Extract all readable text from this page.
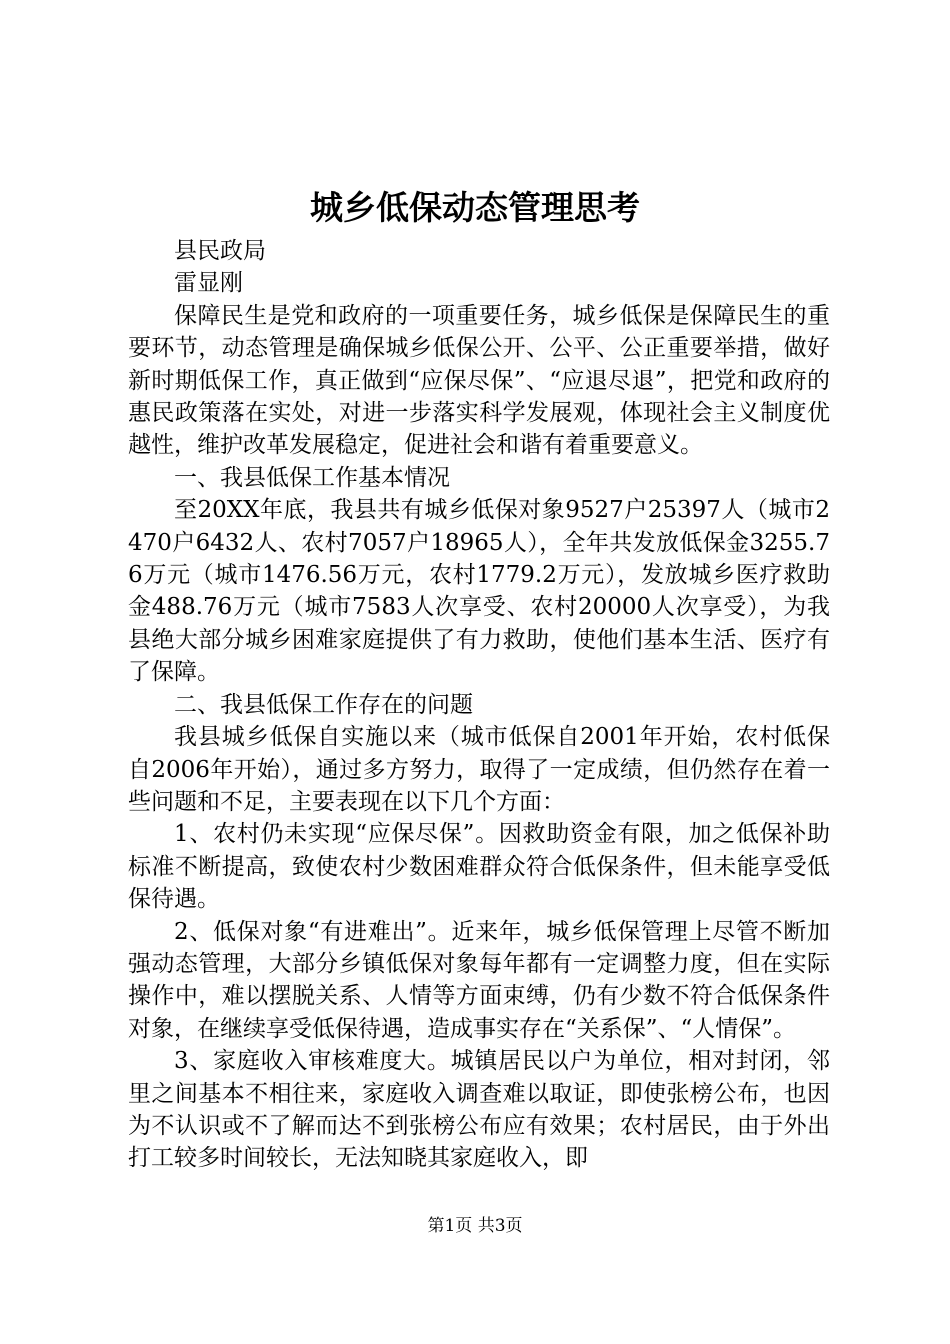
城乡低保动态管理思考

县民政局

雷显刚

保障民生是党和政府的一项重要任务，城乡低保是保障民生的重要环节，动态管理是确保城乡低保公开、公平、公正重要举措，做好新时期低保工作，真正做到“应保尽保”、“应退尽退”，把党和政府的惠民政策落在实处，对进一步落实科学发展观，体现社会主义制度优越性，维护改革发展稳定，促进社会和谐有着重要意义。

一、我县低保工作基本情况

至20XX年底，我县共有城乡低保对象9527户25397人（城市2470户6432人、农村7057户18965人），全年共发放低保金3255.76万元（城市1476.56万元，农村1779.2万元），发放城乡医疗救助金488.76万元（城市7583人次享受、农村20000人次享受），为我县绝大部分城乡困难家庭提供了有力救助，使他们基本生活、医疗有了保障。

二、我县低保工作存在的问题

我县城乡低保自实施以来（城市低保自2001年开始，农村低保自2006年开始），通过多方努力，取得了一定成绩，但仍然存在着一些问题和不足，主要表现在以下几个方面：

1、农村仍未实现“应保尽保”。因救助资金有限，加之低保补助标准不断提高，致使农村少数困难群众符合低保条件，但未能享受低保待遇。

2、低保对象“有进难出”。近来年，城乡低保管理上尽管不断加强动态管理，大部分乡镇低保对象每年都有一定调整力度，但在实际操作中，难以摆脱关系、人情等方面束缚，仍有少数不符合低保条件对象，在继续享受低保待遇，造成事实存在“关系保”、“人情保”。

3、家庭收入审核难度大。城镇居民以户为单位，相对封闭，邻里之间基本不相往来，家庭收入调查难以取证，即使张榜公布，也因为不认识或不了解而达不到张榜公布应有效果；农村居民，由于外出打工较多时间较长，无法知晓其家庭收入，即

第1页 共3页
